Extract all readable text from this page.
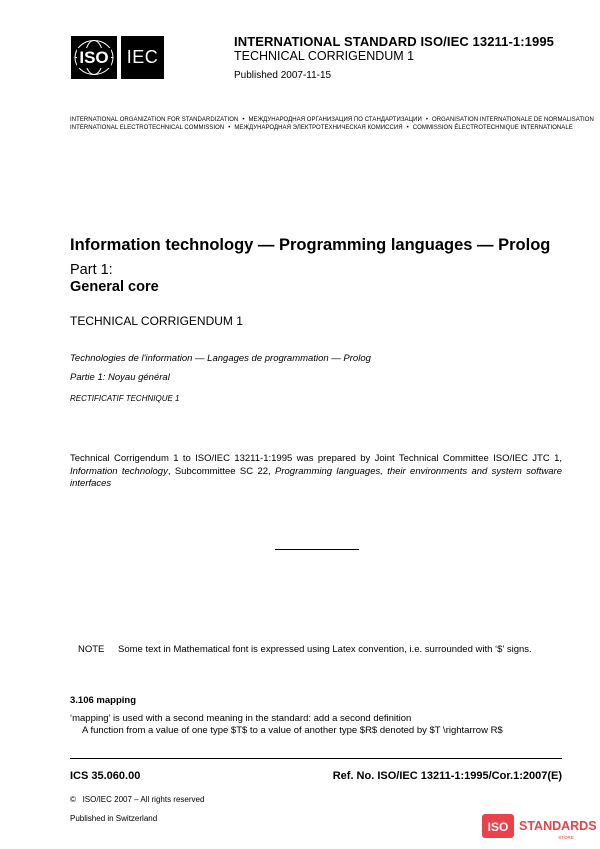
ISO IEC
INTERNATIONAL STANDARD ISO/IEC 13211-1:1995
TECHNICAL CORRIGENDUM 1
Published 2007-11-15
INTERNATIONAL ORGANIZATION FOR STANDARDIZATION • МЕЖДУНАРОДНАЯ ОРГАНИЗАЦИЯ ПО СТАНДАРТИЗАЦИИ • ORGANISATION INTERNATIONALE DE NORMALISATION
INTERNATIONAL ELECTROTECHNICAL COMMISSION • МЕЖДУНАРОДНАЯ ЭЛЕКТРОТЕХНИЧЕСКАЯ КОМИССИЯ • COMMISSION ÉLECTROTECHNIQUE INTERNATIONALE
Information technology — Programming languages — Prolog
Part 1:
General core
TECHNICAL CORRIGENDUM 1
Technologies de l'information — Langages de programmation — Prolog
Partie 1: Noyau général
RECTIFICATIF TECHNIQUE 1
Technical Corrigendum 1 to ISO/IEC 13211-1:1995 was prepared by Joint Technical Committee ISO/IEC JTC 1, Information technology, Subcommittee SC 22, Programming languages, their environments and system software interfaces
NOTE Some text in Mathematical font is expressed using Latex convention, i.e. surrounded with ‘$’ signs.
3.106 mapping
‘mapping’ is used with a second meaning in the standard: add a second definition
A function from a value of one type $T$ to a value of another type $R$ denoted by $T \rightarrow R$
ICS 35.060.00	Ref. No. ISO/IEC 13211-1:1995/Cor.1:2007(E)
© ISO/IEC 2007 – All rights reserved
Published in Switzerland
ISO STANDARDS
STORE
